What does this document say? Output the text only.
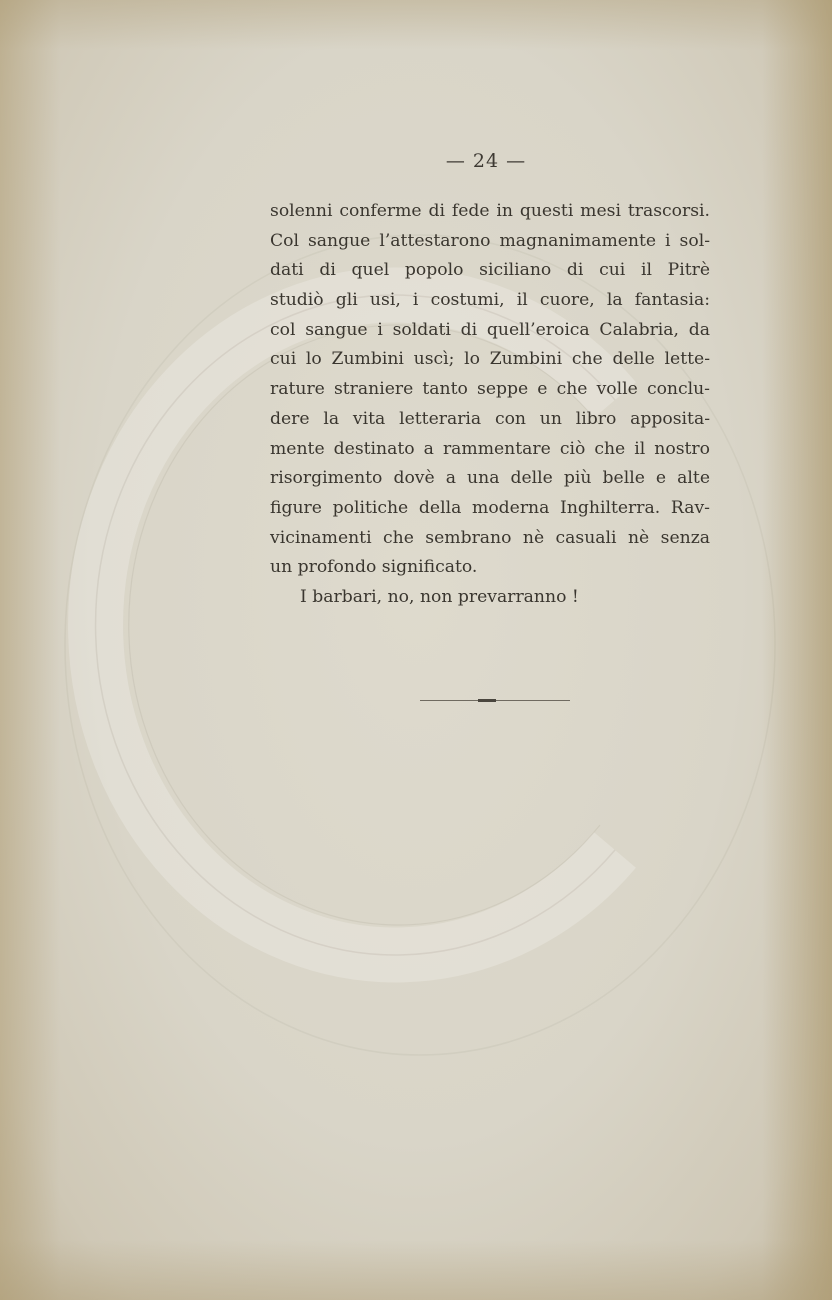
— 24 —
solenni conferme di fede in questi mesi trascorsi.
Col sangue l’attestarono magnanimamente i sol-
dati di quel popolo siciliano di cui il Pitrè
studiò gli usi, i costumi, il cuore, la fantasia:
col sangue i soldati di quell’eroica Calabria, da
cui lo Zumbini uscì; lo Zumbini che delle lette-
rature straniere tanto seppe e che volle conclu-
dere la vita letteraria con un libro apposita-
mente destinato a rammentare ciò che il nostro
risorgimento dovè a una delle più belle e alte
figure politiche della moderna Inghilterra. Rav-
vicinamenti che sembrano nè casuali nè senza
un profondo significato.
I barbari, no, non prevarranno !
